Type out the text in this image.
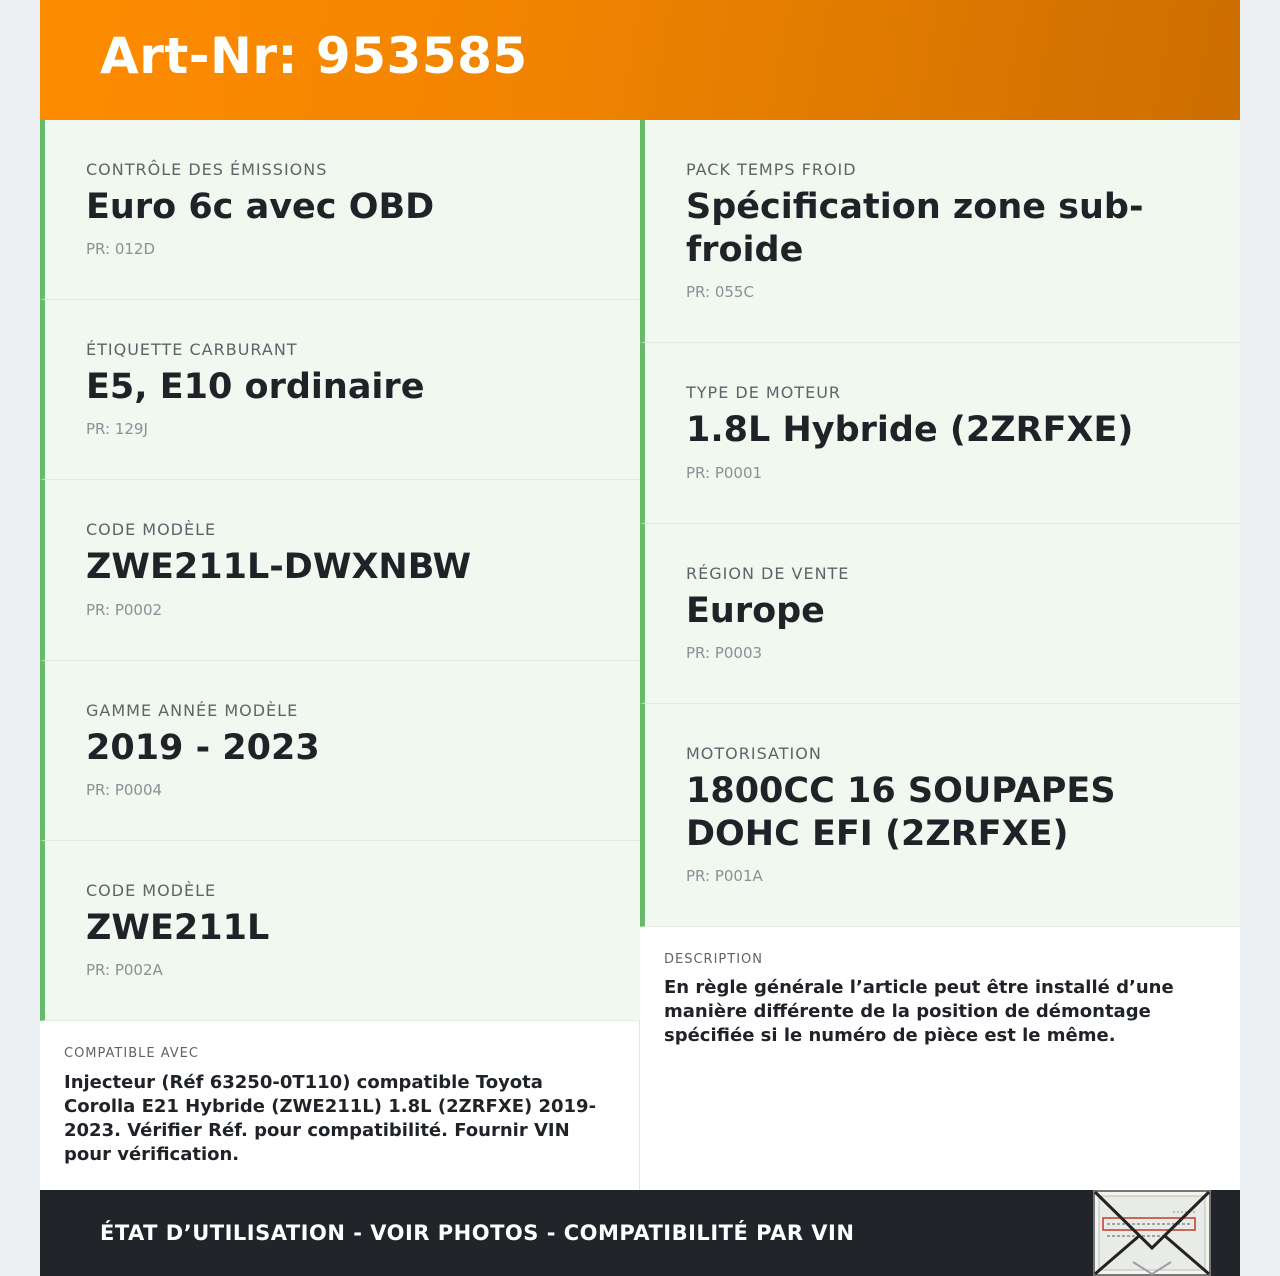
Art-Nr: 953585
CONTRÔLE DES ÉMISSIONS
Euro 6c avec OBD
PR: 012D
ÉTIQUETTE CARBURANT
E5, E10 ordinaire
PR: 129J
CODE MODÈLE
ZWE211L-DWXNBW
PR: P0002
GAMME ANNÉE MODÈLE
2019 - 2023
PR: P0004
CODE MODÈLE
ZWE211L
PR: P002A
PACK TEMPS FROID
Spécification zone sub-froide
PR: 055C
TYPE DE MOTEUR
1.8L Hybride (2ZRFXE)
PR: P0001
RÉGION DE VENTE
Europe
PR: P0003
MOTORISATION
1800CC 16 SOUPAPES DOHC EFI (2ZRFXE)
PR: P001A
DESCRIPTION
En règle générale l’article peut être installé d’une manière différente de la position de démontage spécifiée si le numéro de pièce est le même.
COMPATIBLE AVEC
Injecteur (Réf 63250-0T110) compatible Toyota Corolla E21 Hybride (ZWE211L) 1.8L (2ZRFXE) 2019-2023. Vérifier Réf. pour compatibilité. Fournir VIN pour vérification.
ÉTAT D’UTILISATION - VOIR PHOTOS - COMPATIBILITÉ PAR VIN
